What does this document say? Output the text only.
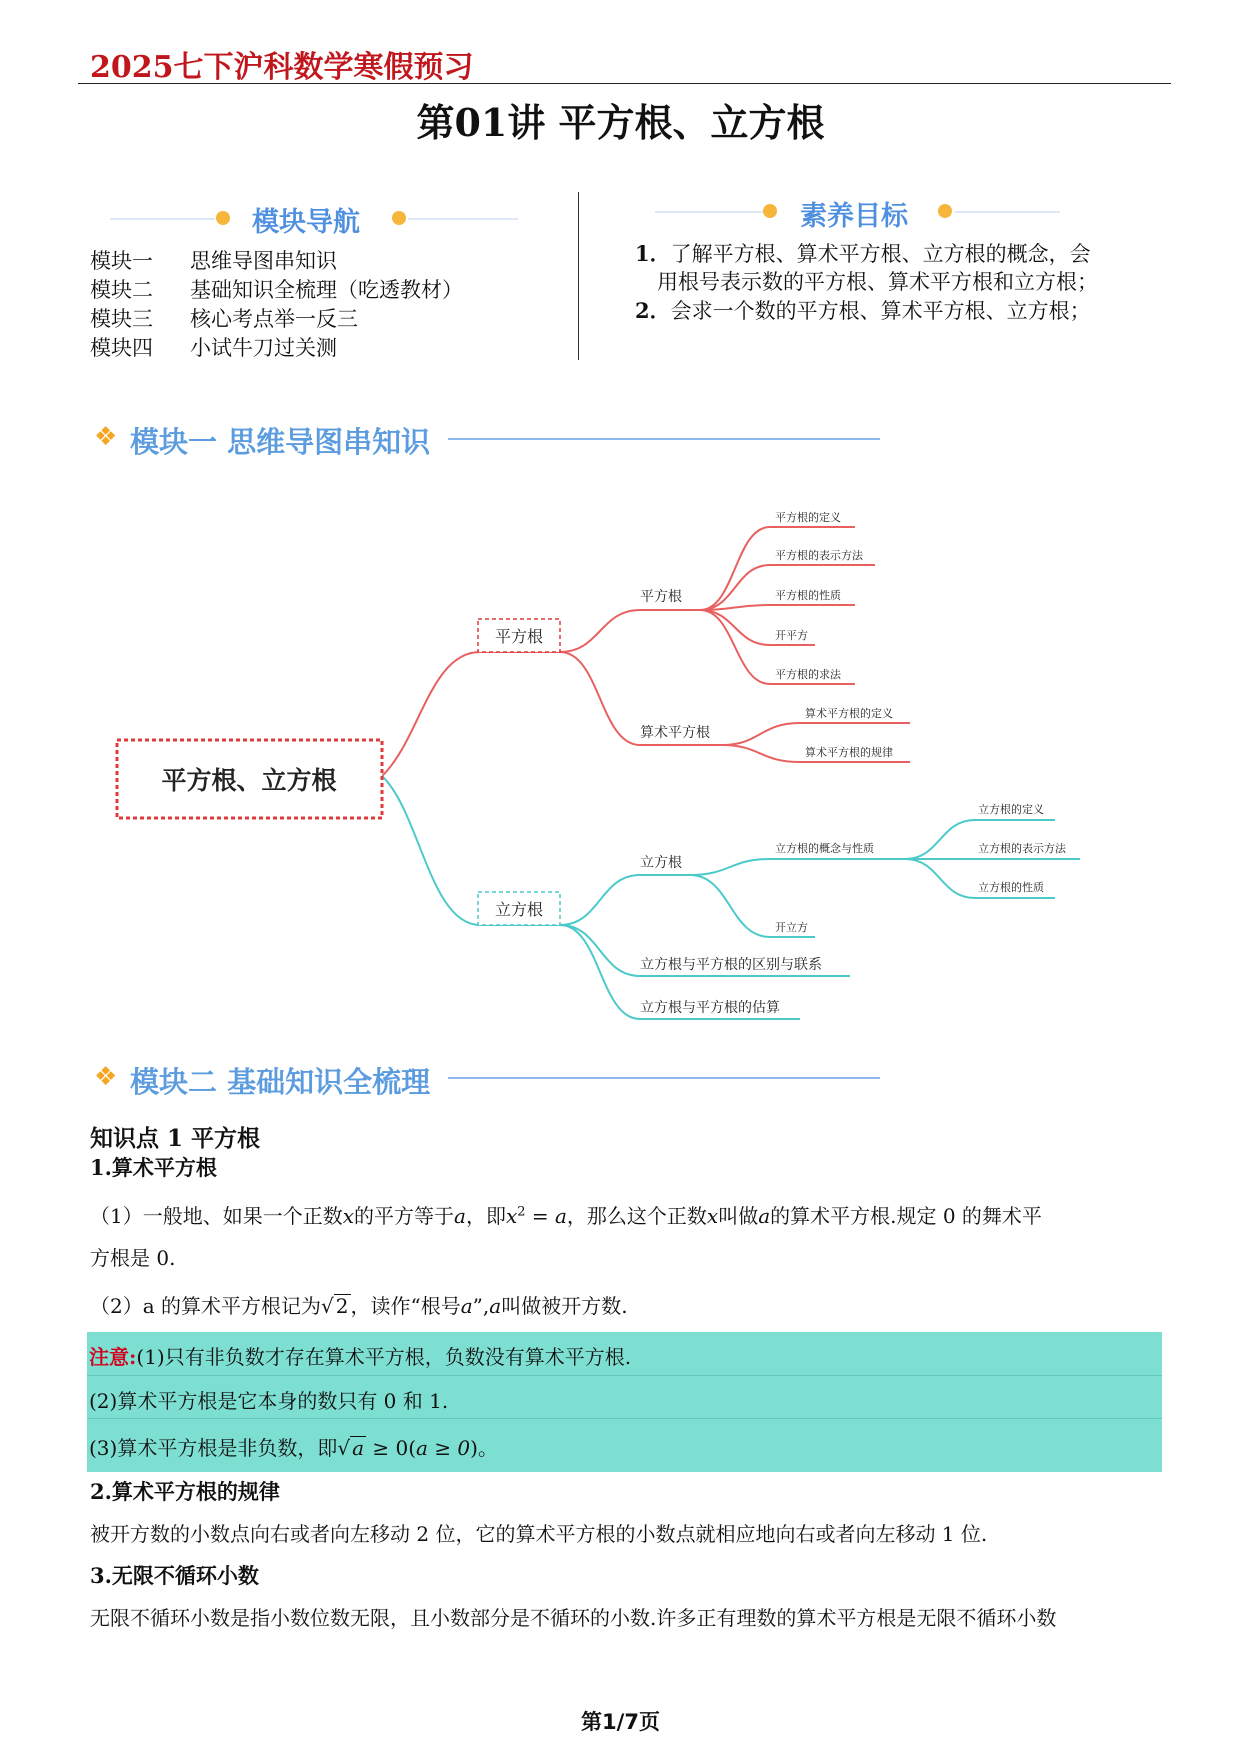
2025七下沪科数学寒假预习
第01讲 平方根、立方根
模块导航
模块一 思维导图串知识
模块二 基础知识全梳理（吃透教材）
模块三 核心考点举一反三
模块四 小试牛刀过关测
素养目标
1．了解平方根、算术平方根、立方根的概念，会
用根号表示数的平方根、算术平方根和立方根；
2．会求一个数的平方根、算术平方根、立方根；
❖ 模块一 思维导图串知识
平方根、立方根
平方根
立方根
平方根
平方根的定义
平方根的表示方法
平方根的性质
开平方
平方根的求法
算术平方根
算术平方根的定义
算术平方根的规律
立方根
立方根的概念与性质
立方根的定义
立方根的表示方法
立方根的性质
开立方
立方根与平方根的区别与联系
立方根与平方根的估算
❖ 模块二 基础知识全梳理
知识点 1 平方根
1.算术平方根
（1）一般地、如果一个正数x的平方等于a，即$x^2 = a$，那么这个正数x叫做a的算术平方根.规定 0 的舞术平
方根是 0.
（2）a 的算术平方根记为√ 2 ，读作“根号a”,a叫做被开方数.
注意:(1)只有非负数才存在算术平方根，负数没有算术平方根.
(2)算术平方根是它本身的数只有 0 和 1.
(3)算术平方根是非负数，即√ a ≥ 0(a ≥ 0)。
2.算术平方根的规律
被开方数的小数点向右或者向左移动 2 位，它的算术平方根的小数点就相应地向右或者向左移动 1 位.
3.无限不循环小数
无限不循环小数是指小数位数无限，且小数部分是不循环的小数.许多正有理数的算术平方根是无限不循环小数
第1/7页
